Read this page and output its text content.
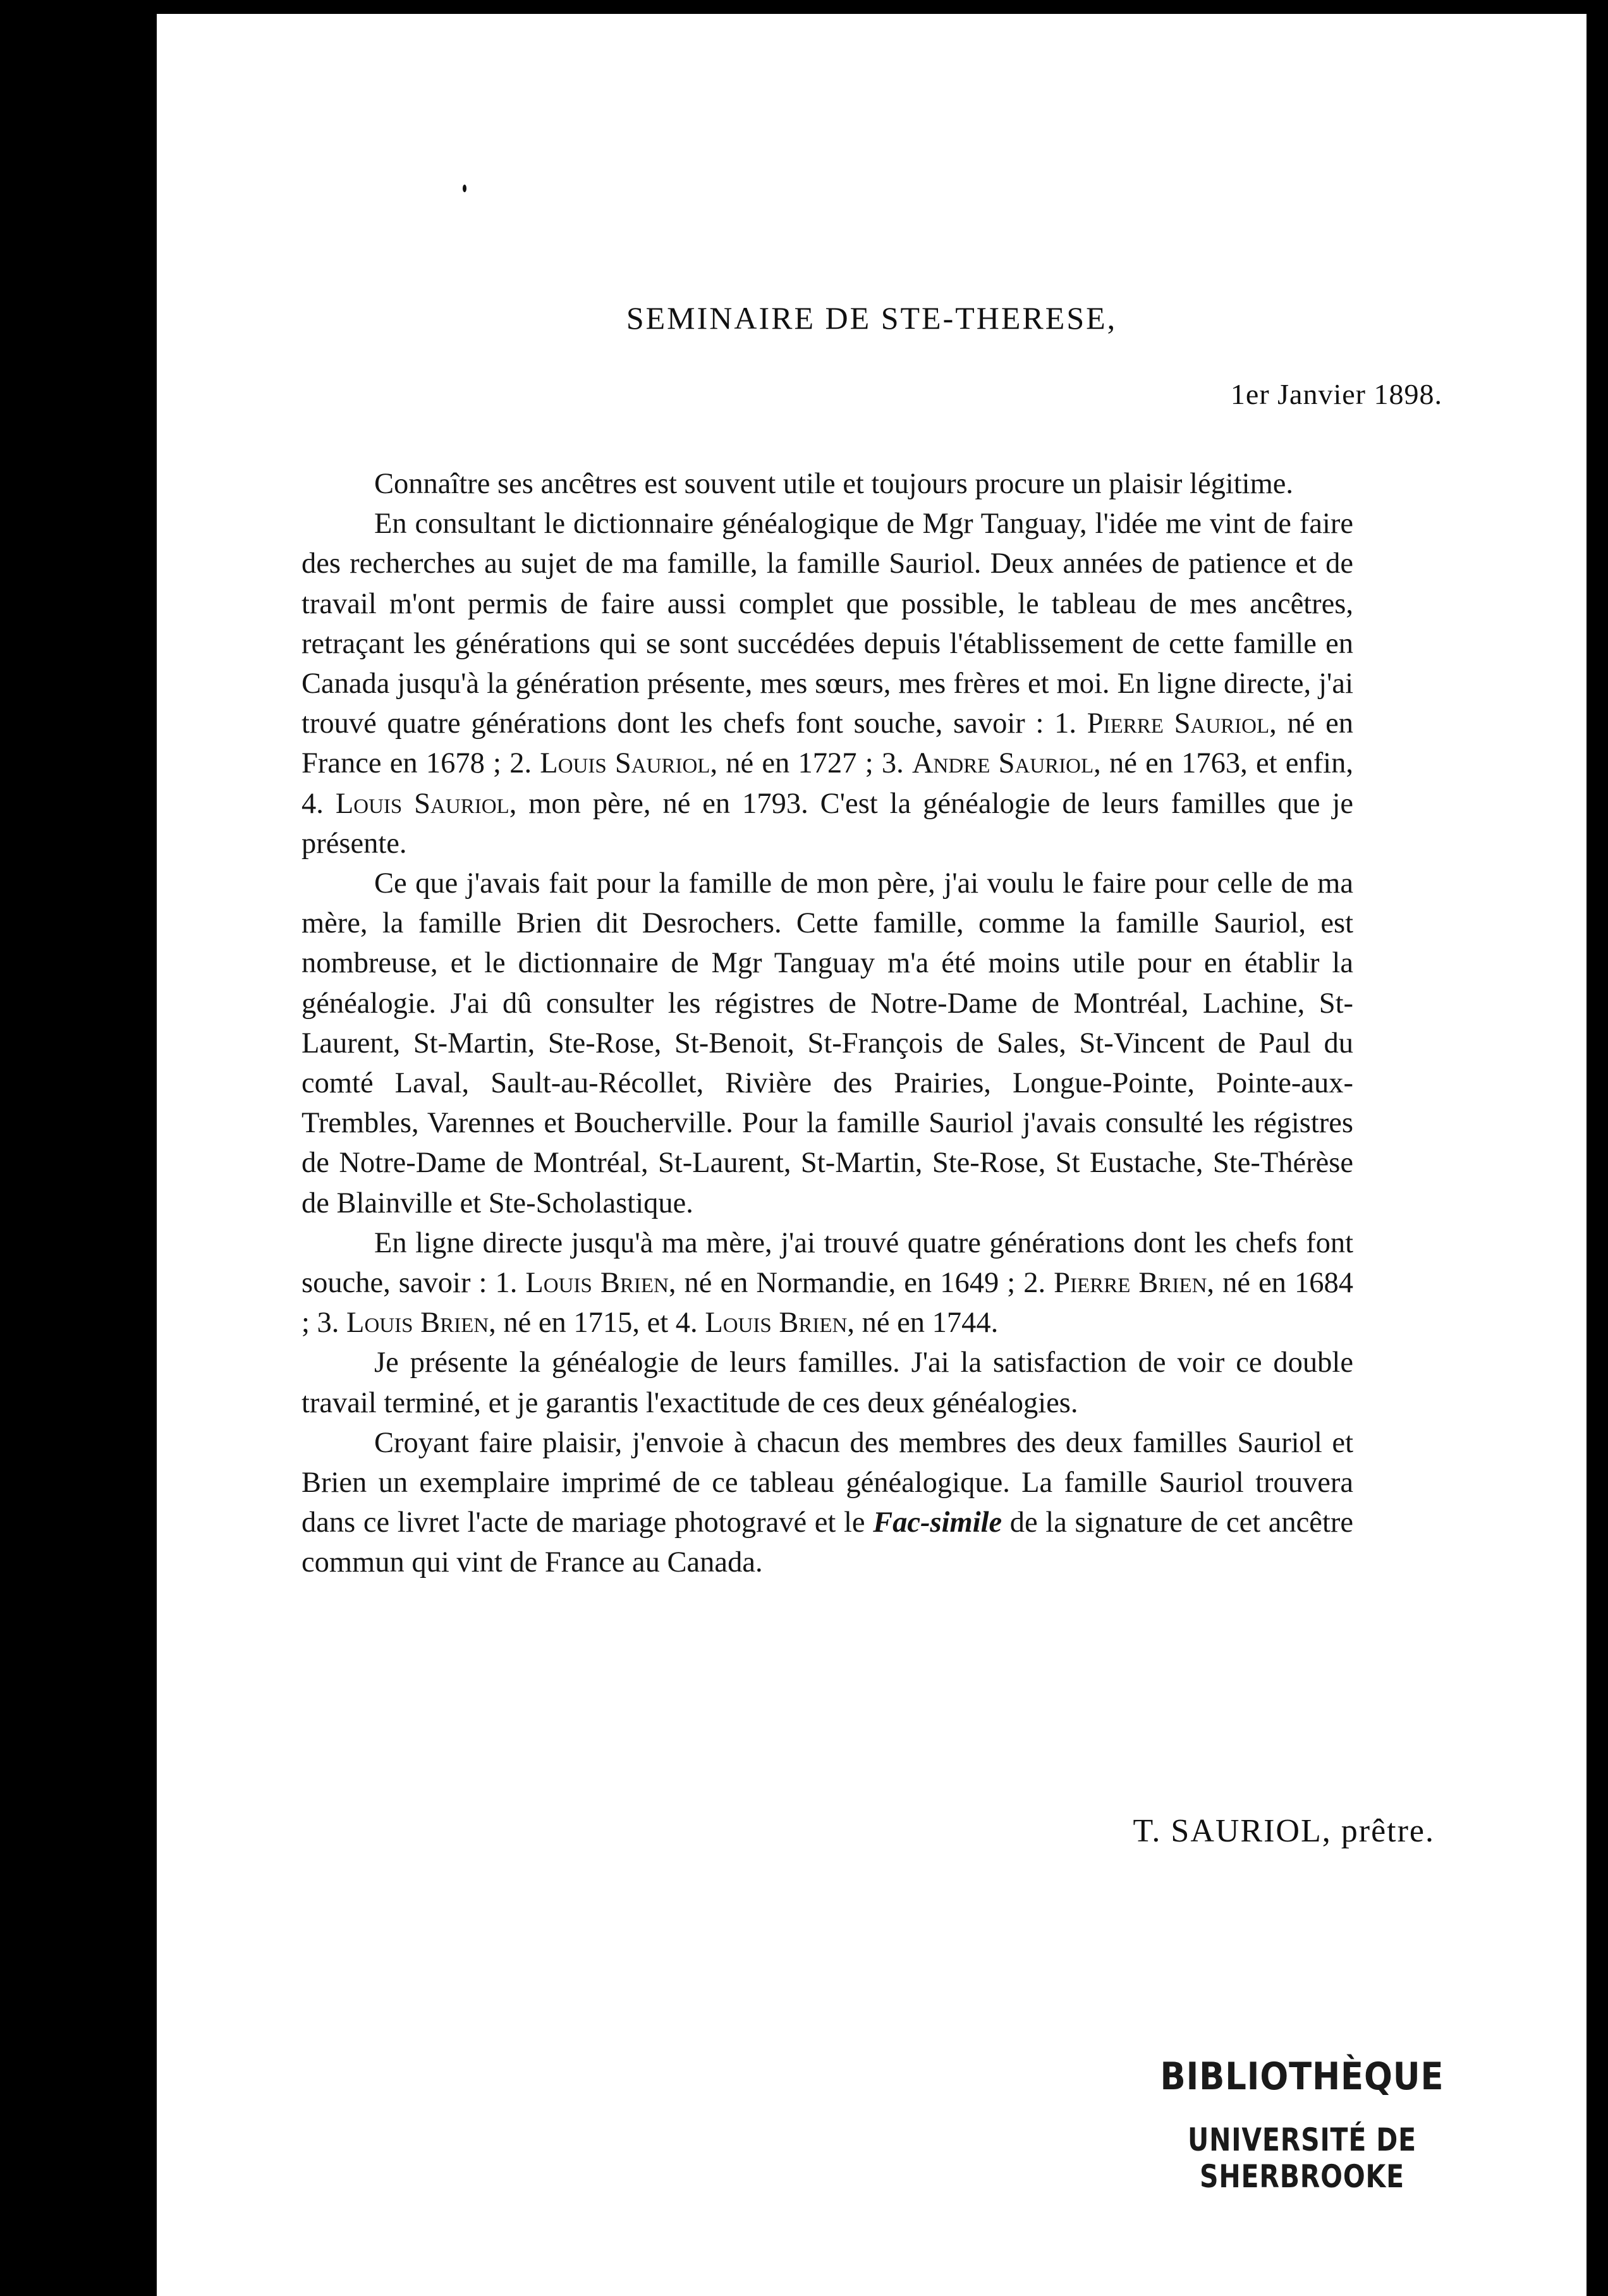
SEMINAIRE DE STE-THERESE,
1er Janvier 1898.

Connaître ses ancêtres est souvent utile et toujours procure un plaisir légitime.

En consultant le dictionnaire généalogique de Mgr Tanguay, l'idée me vint de faire des recherches au sujet de ma famille, la famille Sauriol. Deux années de patience et de travail m'ont permis de faire aussi complet que possible, le tableau de mes ancêtres, retraçant les générations qui se sont succédées depuis l'établissement de cette famille en Canada jusqu'à la génération présente, mes sœurs, mes frères et moi. En ligne directe, j'ai trouvé quatre générations dont les chefs font souche, savoir : 1. Pierre Sauriol, né en France en 1678 ; 2. Louis Sauriol, né en 1727 ; 3. Andre Sauriol, né en 1763, et enfin, 4. Louis Sauriol, mon père, né en 1793. C'est la généalogie de leurs familles que je présente.

Ce que j'avais fait pour la famille de mon père, j'ai voulu le faire pour celle de ma mère, la famille Brien dit Desrochers. Cette famille, comme la famille Sauriol, est nombreuse, et le dictionnaire de Mgr Tanguay m'a été moins utile pour en établir la généalogie. J'ai dû consulter les régistres de Notre-Dame de Montréal, Lachine, St-Laurent, St-Martin, Ste-Rose, St-Benoit, St-François de Sales, St-Vincent de Paul du comté Laval, Sault-au-Récollet, Rivière des Prairies, Longue-Pointe, Pointe-aux-Trembles, Varennes et Boucherville. Pour la famille Sauriol j'avais consulté les régistres de Notre-Dame de Montréal, St-Laurent, St-Martin, Ste-Rose, St Eustache, Ste-Thérèse de Blainville et Ste-Scholastique.

En ligne directe jusqu'à ma mère, j'ai trouvé quatre générations dont les chefs font souche, savoir : 1. Louis Brien, né en Normandie, en 1649 ; 2. Pierre Brien, né en 1684 ; 3. Louis Brien, né en 1715, et 4. Louis Brien, né en 1744.

Je présente la généalogie de leurs familles. J'ai la satisfaction de voir ce double travail terminé, et je garantis l'exactitude de ces deux généalogies.

Croyant faire plaisir, j'envoie à chacun des membres des deux familles Sauriol et Brien un exemplaire imprimé de ce tableau généalogique. La famille Sauriol trouvera dans ce livret l'acte de mariage photogravé et le Fac-simile de la signature de cet ancêtre commun qui vint de France au Canada.

T. SAURIOL, prêtre.
BIBLIOTHÈQUE
UNIVERSITÉ DE SHERBROOKE
